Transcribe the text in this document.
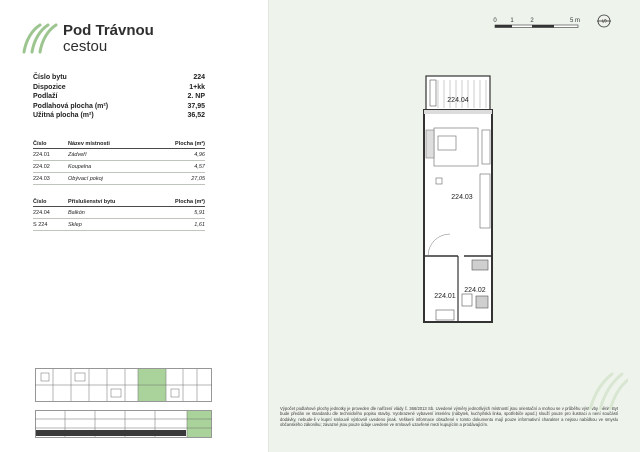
Pod Trávnou
cestou
Číslo bytu	224
Dispozice	1+kk
Podlaží	2. NP
Podlahová plocha (m²)	37,95
Užitná plocha (m²)	36,52
Číslo	Název místnosti	Plocha (m²)
224.01	Zádveří	4,96
224.02	Koupelna	4,57
224.03	Obývací pokoj	27,05
Číslo	Příslušenství bytu	Plocha (m²)
224.04	Balkón	5,91
S 224	Sklep	1,61
0 1	2	5 m	S
224.04
224.03
224.02
224.01
Výpočet podlahové plochy jednotky je proveden dle nařízení vlády č. 366/2013 Sb. Uvedené výměry jednotlivých místností jsou orientační a mohou se v průběhu výstavby měnit. Byt bude předán ve standardu dle technického popisu stavby. Vyobrazené vybavení interiéru (nábytek, kuchyňská linka, spotřebiče apod.) slouží pouze pro ilustraci a není součástí dodávky, nebude-li v kupní smlouvě výslovně uvedeno jinak. Veškeré informace obsažené v tomto dokumentu mají pouze informativní charakter a nejsou nabídkou ve smyslu občanského zákoníku; závazné jsou pouze údaje uvedené ve smlouvě uzavřené mezi kupujícím a prodávajícím.
